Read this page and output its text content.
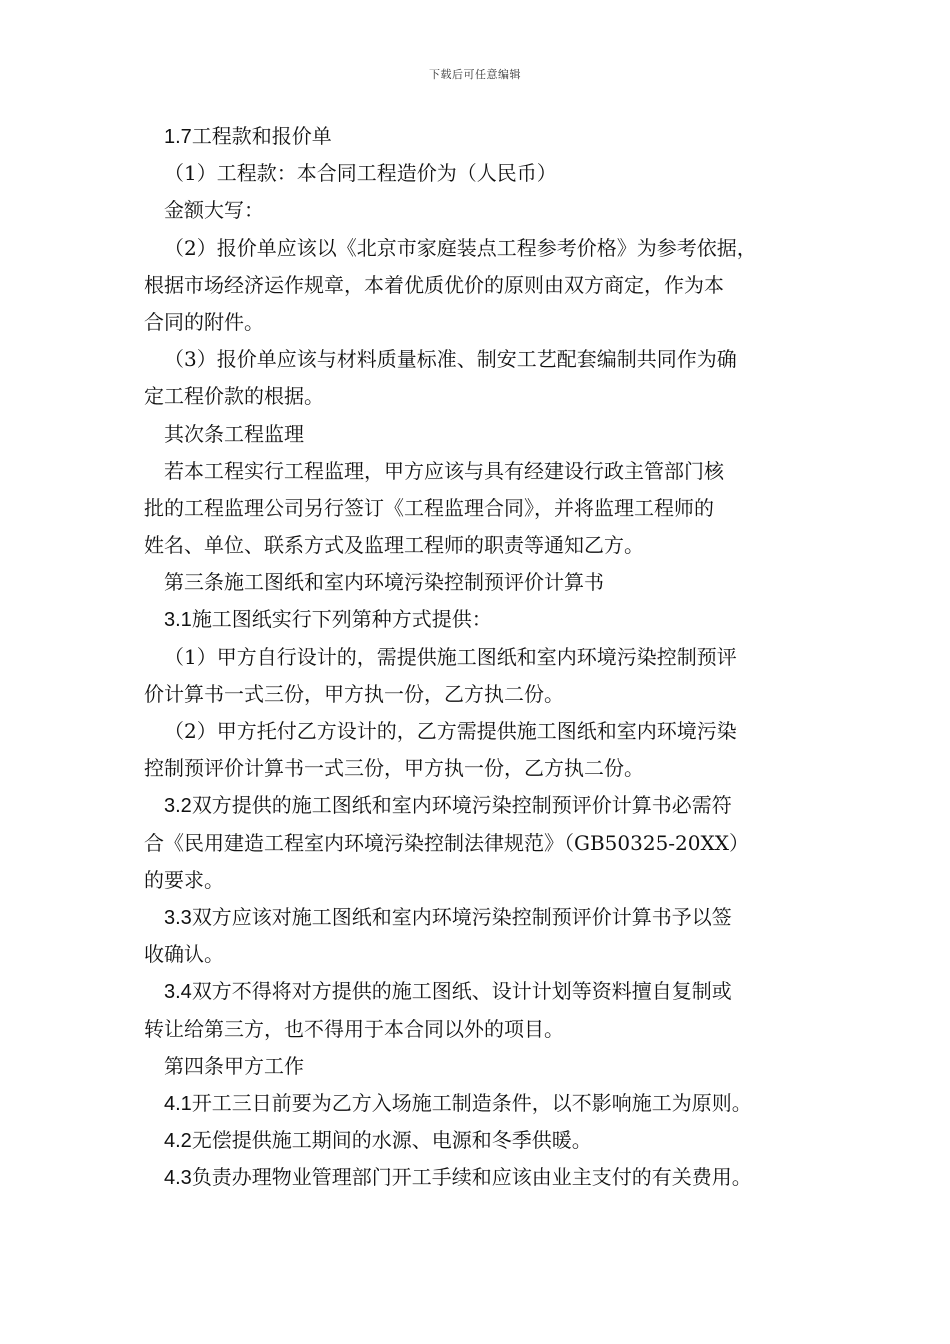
下载后可任意编辑
1.7工程款和报价单
（1）工程款：本合同工程造价为（人民币）
金额大写：
（2）报价单应该以《北京市家庭装点工程参考价格》为参考依据，
根据市场经济运作规章，本着优质优价的原则由双方商定，作为本
合同的附件。
（3）报价单应该与材料质量标准、制安工艺配套编制共同作为确
定工程价款的根据。
其次条工程监理
若本工程实行工程监理，甲方应该与具有经建设行政主管部门核
批的工程监理公司另行签订《工程监理合同》，并将监理工程师的
姓名、单位、联系方式及监理工程师的职责等通知乙方。
第三条施工图纸和室内环境污染控制预评价计算书
3.1施工图纸实行下列第种方式提供：
（1）甲方自行设计的，需提供施工图纸和室内环境污染控制预评
价计算书一式三份，甲方执一份，乙方执二份。
（2）甲方托付乙方设计的，乙方需提供施工图纸和室内环境污染
控制预评价计算书一式三份，甲方执一份，乙方执二份。
3.2双方提供的施工图纸和室内环境污染控制预评价计算书必需符
合《民用建造工程室内环境污染控制法律规范》（GB50325-20XX）
的要求。
3.3双方应该对施工图纸和室内环境污染控制预评价计算书予以签
收确认。
3.4双方不得将对方提供的施工图纸、设计计划等资料擅自复制或
转让给第三方，也不得用于本合同以外的项目。
第四条甲方工作
4.1开工三日前要为乙方入场施工制造条件，以不影响施工为原则。
4.2无偿提供施工期间的水源、电源和冬季供暖。
4.3负责办理物业管理部门开工手续和应该由业主支付的有关费用。
